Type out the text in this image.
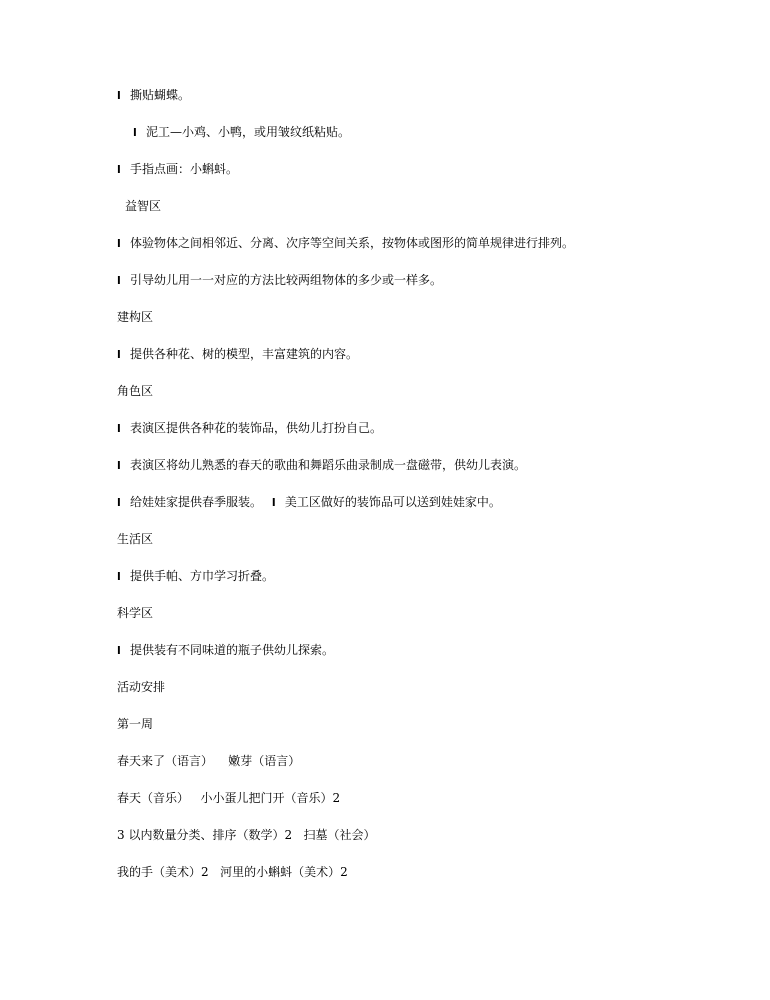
l 撕贴蝴蝶。
l 泥工—小鸡、小鸭，或用皱纹纸粘贴。
l 手指点画：小蝌蚪。
益智区
l 体验物体之间相邻近、分离、次序等空间关系，按物体或图形的简单规律进行排列。
l 引导幼儿用一一对应的方法比较两组物体的多少或一样多。
建构区
l 提供各种花、树的模型，丰富建筑的内容。
角色区
l 表演区提供各种花的装饰品，供幼儿打扮自己。
l 表演区将幼儿熟悉的春天的歌曲和舞蹈乐曲录制成一盘磁带，供幼儿表演。
l 给娃娃家提供春季服装。 l 美工区做好的装饰品可以送到娃娃家中。
生活区
l 提供手帕、方巾学习折叠。
科学区
l 提供装有不同味道的瓶子供幼儿探索。
活动安排
第一周
春天来了（语言）    嫩芽（语言）
春天（音乐）   小小蛋儿把门开（音乐）2
3 以内数量分类、排序（数学）2   扫墓（社会）
我的手（美术）2   河里的小蝌蚪（美术）2
